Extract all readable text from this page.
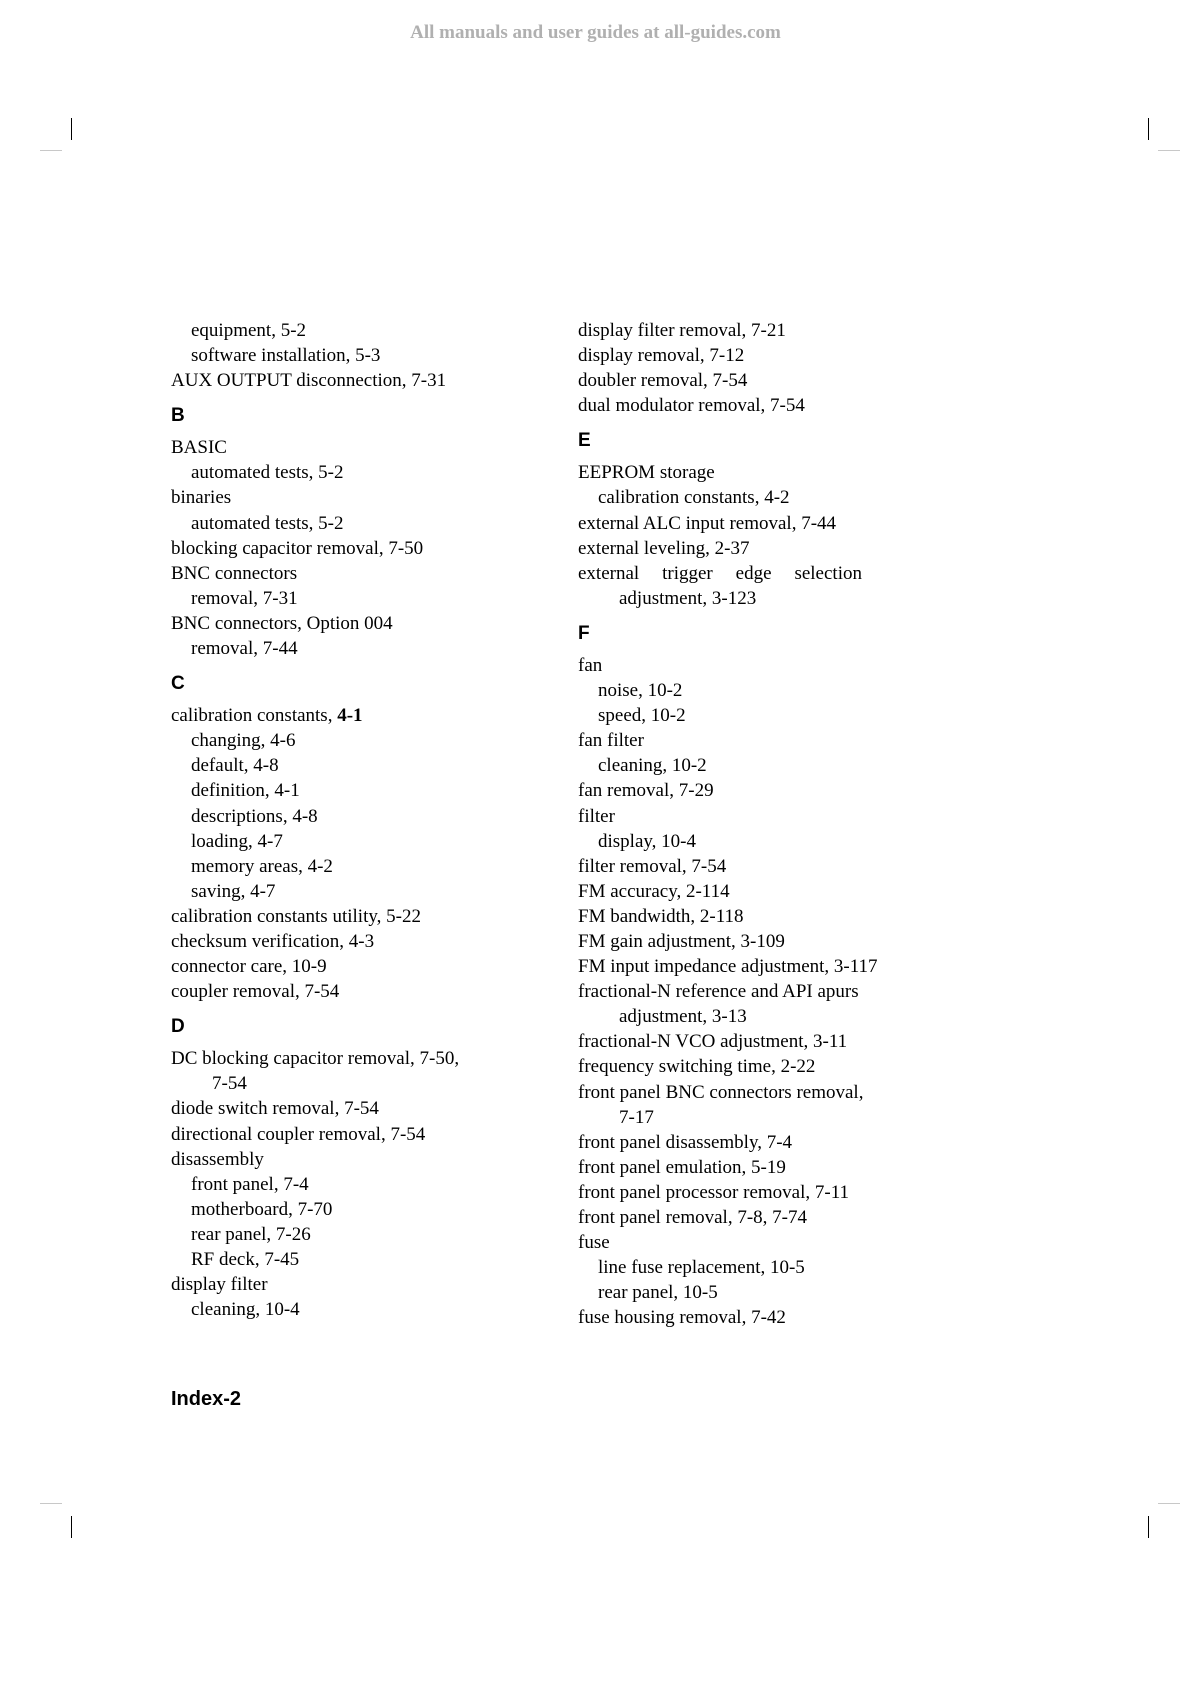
All manuals and user guides at all-guides.com
equipment, 5-2
software installation, 5-3
AUX OUTPUT disconnection, 7-31
B
BASIC
automated tests, 5-2
binaries
automated tests, 5-2
blocking capacitor removal, 7-50
BNC connectors
removal, 7-31
BNC connectors, Option 004
removal, 7-44
C
calibration constants, 4-1
changing, 4-6
default, 4-8
definition, 4-1
descriptions, 4-8
loading, 4-7
memory areas, 4-2
saving, 4-7
calibration constants utility, 5-22
checksum verification, 4-3
connector care, 10-9
coupler removal, 7-54
D
DC blocking capacitor removal, 7-50,
7-54
diode switch removal, 7-54
directional coupler removal, 7-54
disassembly
front panel, 7-4
motherboard, 7-70
rear panel, 7-26
RF deck, 7-45
display filter
cleaning, 10-4
display filter removal, 7-21
display removal, 7-12
doubler removal, 7-54
dual modulator removal, 7-54
E
EEPROM storage
calibration constants, 4-2
external ALC input removal, 7-44
external leveling, 2-37
external trigger edge selection
adjustment, 3-123
F
fan
noise, 10-2
speed, 10-2
fan filter
cleaning, 10-2
fan removal, 7-29
filter
display, 10-4
filter removal, 7-54
FM accuracy, 2-114
FM bandwidth, 2-118
FM gain adjustment, 3-109
FM input impedance adjustment, 3-117
fractional-N reference and API apurs
adjustment, 3-13
fractional-N VCO adjustment, 3-11
frequency switching time, 2-22
front panel BNC connectors removal,
7-17
front panel disassembly, 7-4
front panel emulation, 5-19
front panel processor removal, 7-11
front panel removal, 7-8, 7-74
fuse
line fuse replacement, 10-5
rear panel, 10-5
fuse housing removal, 7-42
Index-2
